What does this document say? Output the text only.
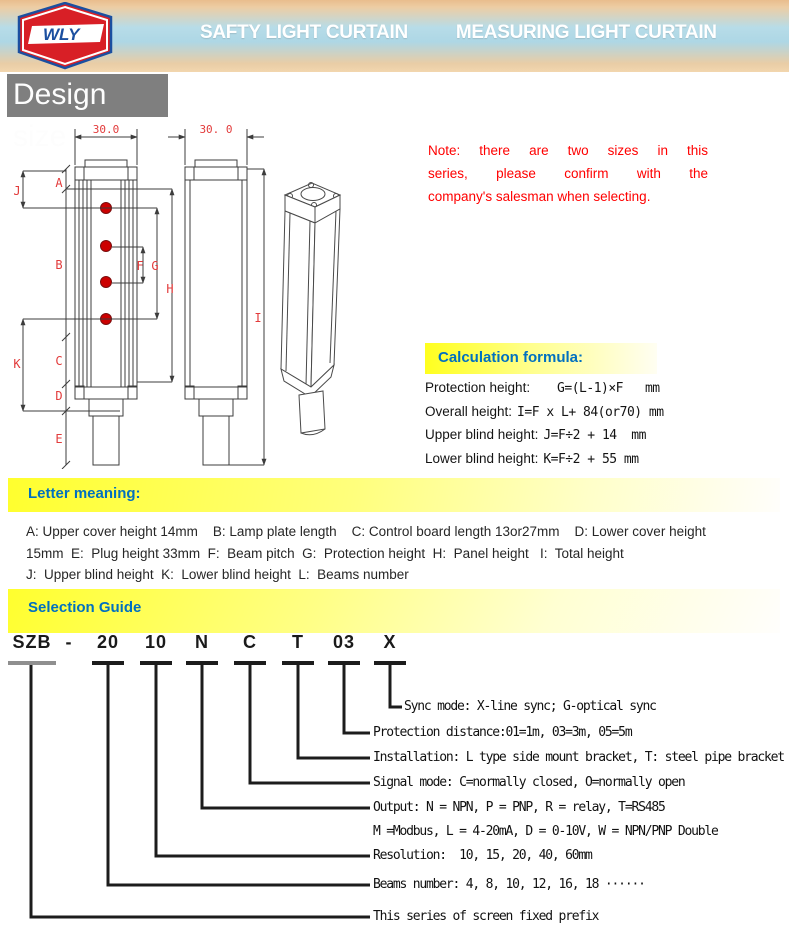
WLY	SAFTY LIGHT CURTAIN	MEASURING LIGHT CURTAIN
Design size	30.0
J
A
B
K	C
D
E
F G
H
I
30. 0
Note: there are two sizes in this
series, please confirm with the
company's salesman when selecting.
Calculation formula:
Protection height: G=(L-1)×F   mm
Overall height: I=F x L+ 84(or70) mm
Upper blind height: J=F÷2 + 14  mm
Lower blind height: K=F÷2 + 55 mm
Letter meaning:
A: Upper cover height 14mm    B: Lamp plate length    C: Control board length 13or27mm    D: Lower cover height
15mm  E:  Plug height 33mm  F:  Beam pitch  G:  Protection height  H:  Panel height   I:  Total height
J:  Upper blind height  K:  Lower blind height  L:  Beams number
Selection Guide
SZB - 20 10	N	C	T	03	X
Sync mode: X-line sync; G-optical sync
Protection distance:01=1m, 03=3m, 05=5m
Installation: L type side mount bracket, T: steel pipe bracket
Signal mode: C=normally closed, O=normally open
Output: N = NPN, P = PNP, R = relay, T=RS485
M =Modbus, L = 4-20mA, D = 0-10V, W = NPN/PNP Double
Resolution:  10, 15, 20, 40, 60mm
Beams number: 4, 8, 10, 12, 16, 18 ······
This series of screen fixed prefix
